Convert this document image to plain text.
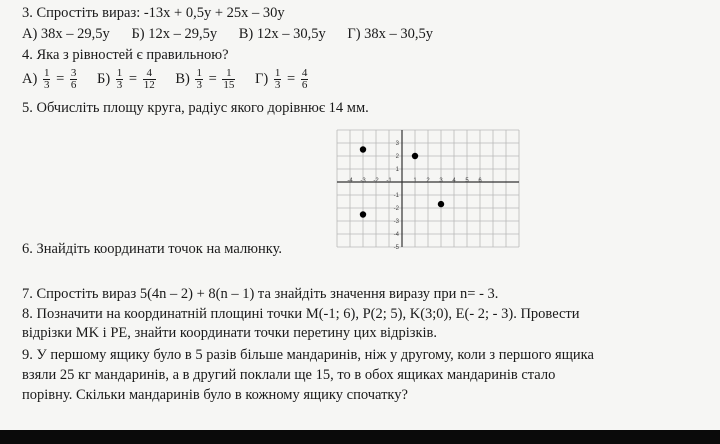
3. Спростіть вираз: -13x + 0,5y + 25x – 30y
А) 38x – 29,5y Б) 12x – 29,5y В) 12x – 30,5y Г) 38x – 30,5y
4. Яка з рівностей є правильною?
$А) \frac{1}{3} = \frac{3}{6} Б) \frac{1}{3} = \frac{4}{12} В) \frac{1}{3} = \frac{1}{15} Г) \frac{1}{3} = \frac{4}{6}$
5. Обчисліть площу круга, радіус якого дорівнює 14 мм.
-4 -3 -2 -1	1 2 3 4 5 6
3
2
1
-1
-2
-3
-4
-5
6. Знайдіть координати точок на малюнку.
7. Спростіть вираз 5(4n – 2) + 8(n – 1) та знайдіть значення виразу при n= - 3.
8. Позначити на координатній площині точки M(-1; 6), P(2; 5), K(3;0), E(- 2; - 3). Провести
відрізки MK і PE, знайти координати точки перетину цих відрізків.
9. У першому ящику було в 5 разів більше мандаринів, ніж у другому, коли з першого ящика
взяли 25 кг мандаринів, а в другий поклали ще 15, то в обох ящиках мандаринів стало
порівну. Скільки мандаринів було в кожному ящику спочатку?
